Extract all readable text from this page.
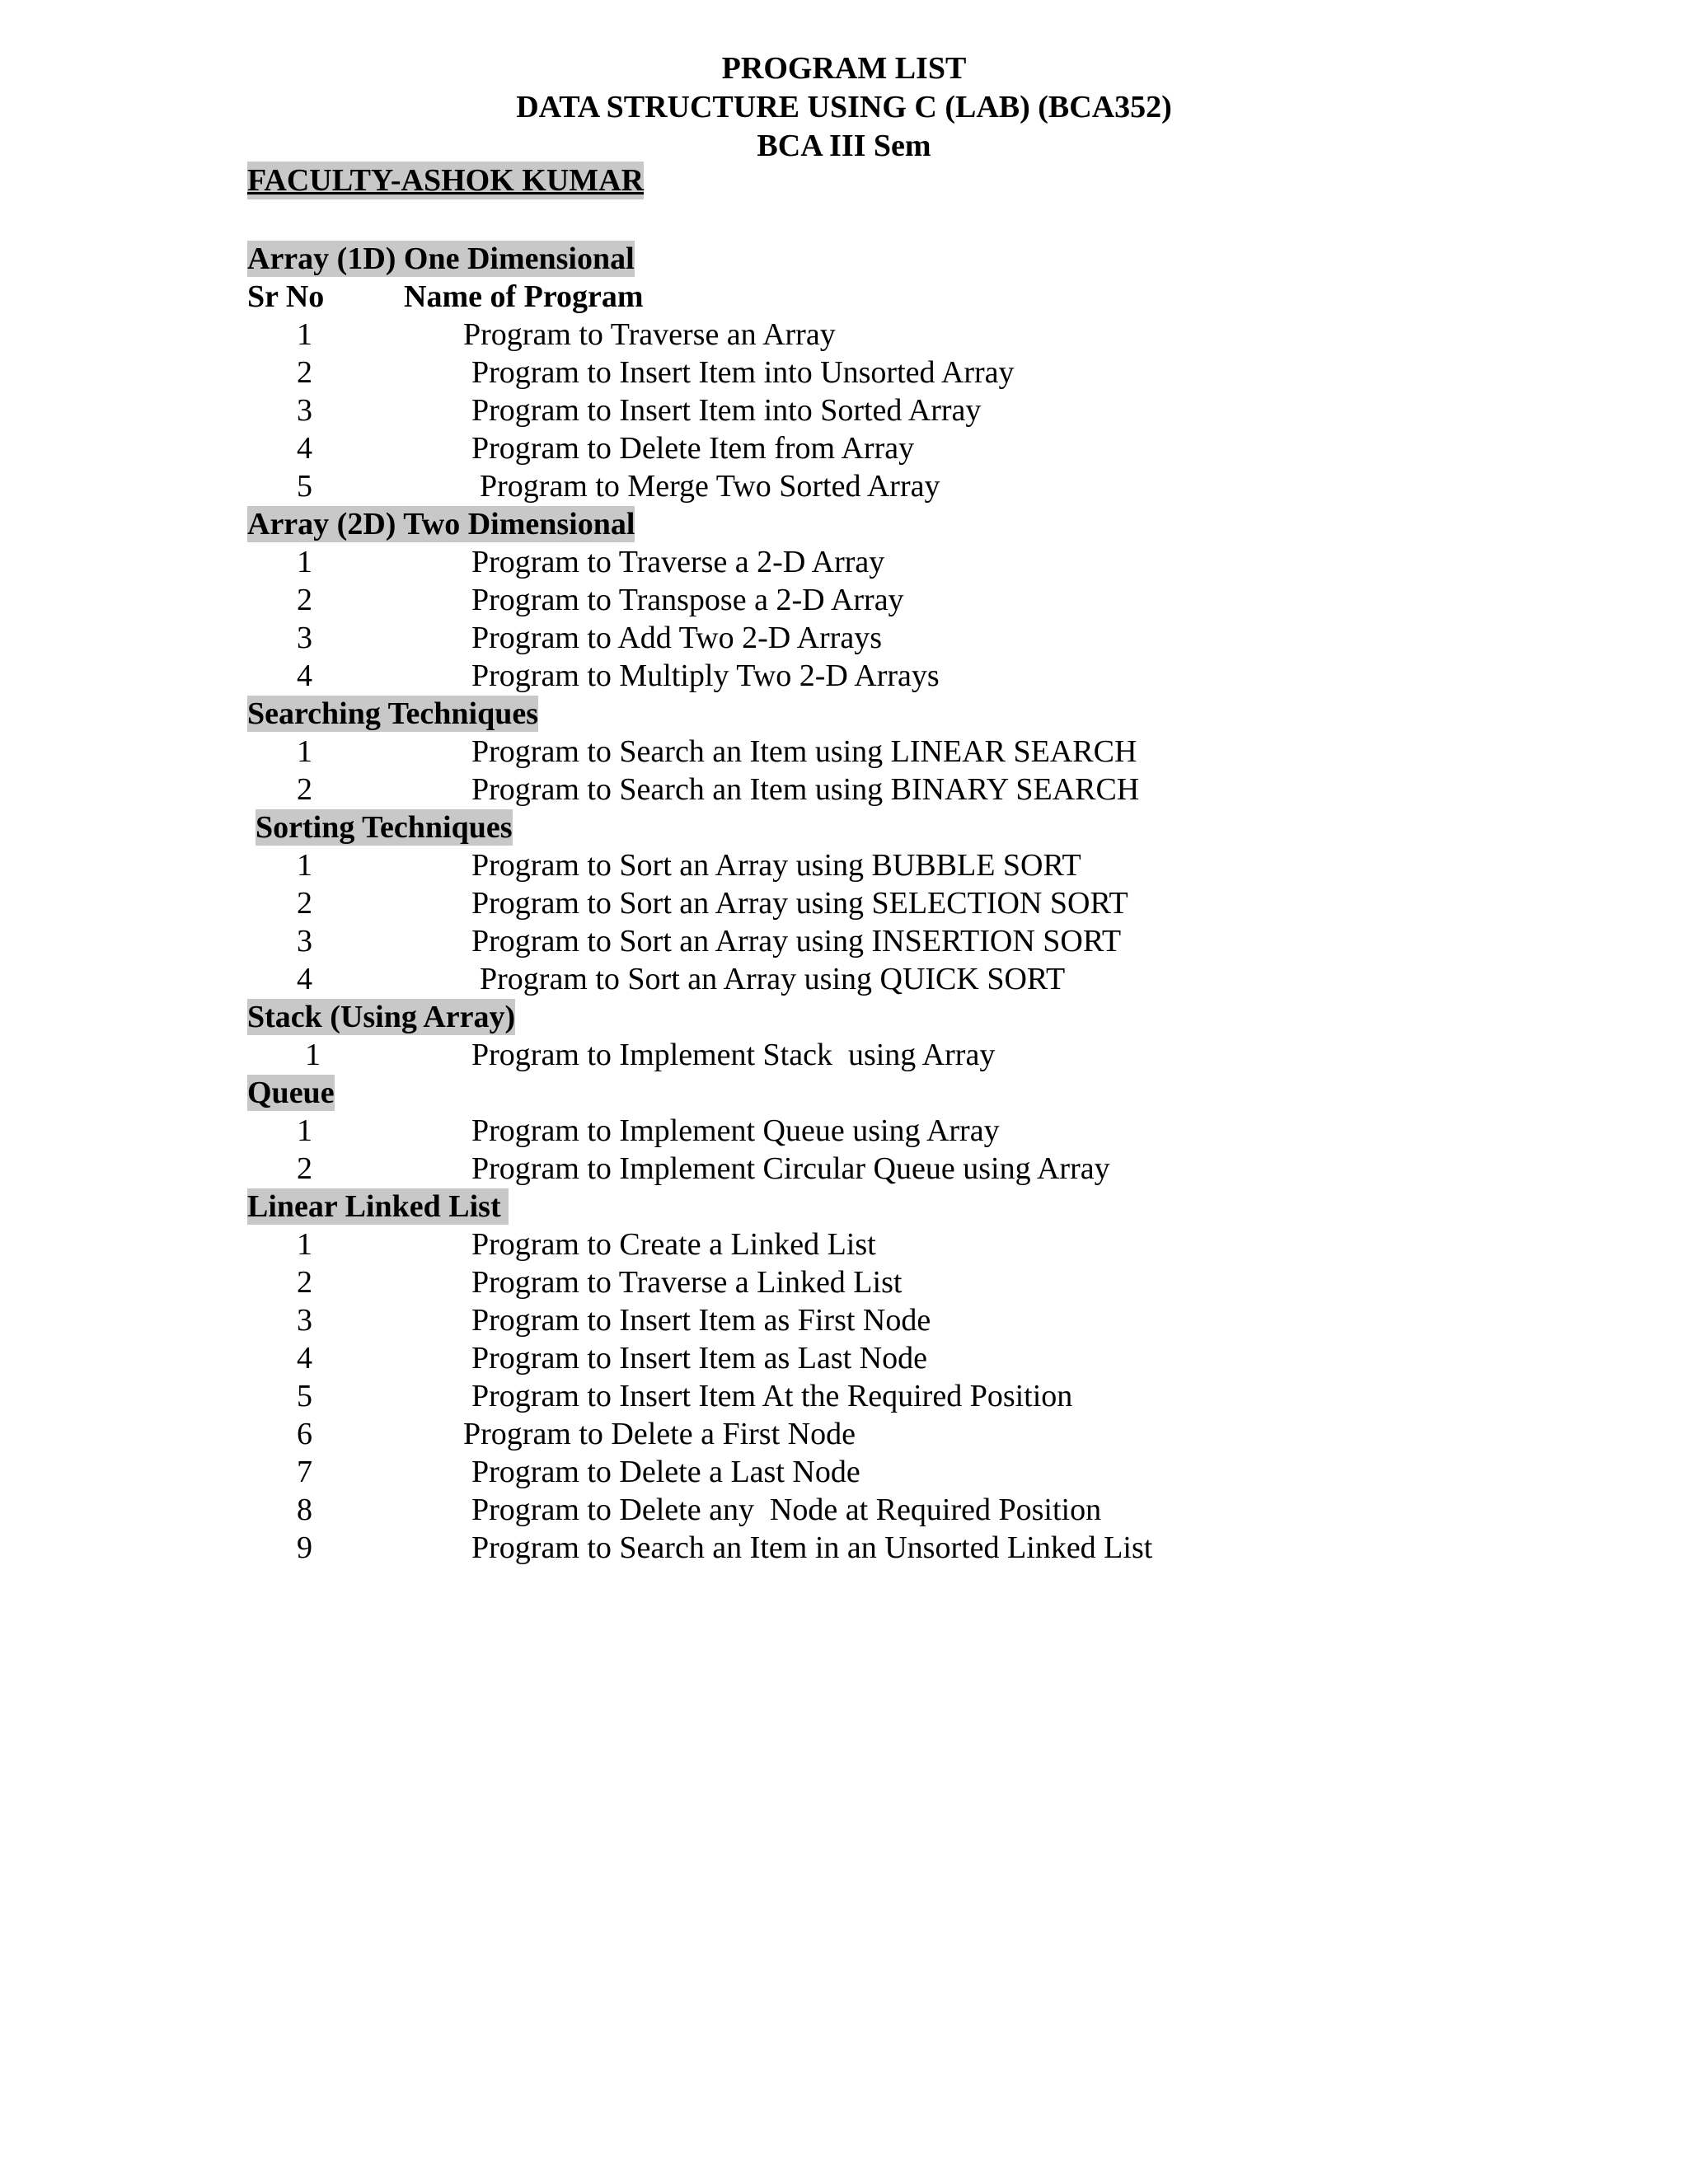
PROGRAM LIST
DATA STRUCTURE USING C (LAB) (BCA352)
BCA III Sem
FACULTY-ASHOK KUMAR
Array (1D) One Dimensional
Sr No	Name of Program
1	Program to Traverse an Array
2	Program to Insert Item into Unsorted Array
3	Program to Insert Item into Sorted Array
4	Program to Delete Item from Array
5	Program to Merge Two Sorted Array
Array (2D) Two Dimensional
1	Program to Traverse a 2-D Array
2	Program to Transpose a 2-D Array
3	Program to Add Two 2-D Arrays
4	Program to Multiply Two 2-D Arrays
Searching Techniques
1	Program to Search an Item using LINEAR SEARCH
2	Program to Search an Item using BINARY SEARCH
Sorting Techniques
1	Program to Sort an Array using BUBBLE SORT
2	Program to Sort an Array using SELECTION SORT
3	Program to Sort an Array using INSERTION SORT
4	Program to Sort an Array using QUICK SORT
Stack (Using Array)
1	Program to Implement Stack  using Array
Queue
1	Program to Implement Queue using Array
2	Program to Implement Circular Queue using Array
Linear Linked List
1	Program to Create a Linked List
2	Program to Traverse a Linked List
3	Program to Insert Item as First Node
4	Program to Insert Item as Last Node
5	Program to Insert Item At the Required Position
6	Program to Delete a First Node
7	Program to Delete a Last Node
8	Program to Delete any  Node at Required Position
9	Program to Search an Item in an Unsorted Linked List
